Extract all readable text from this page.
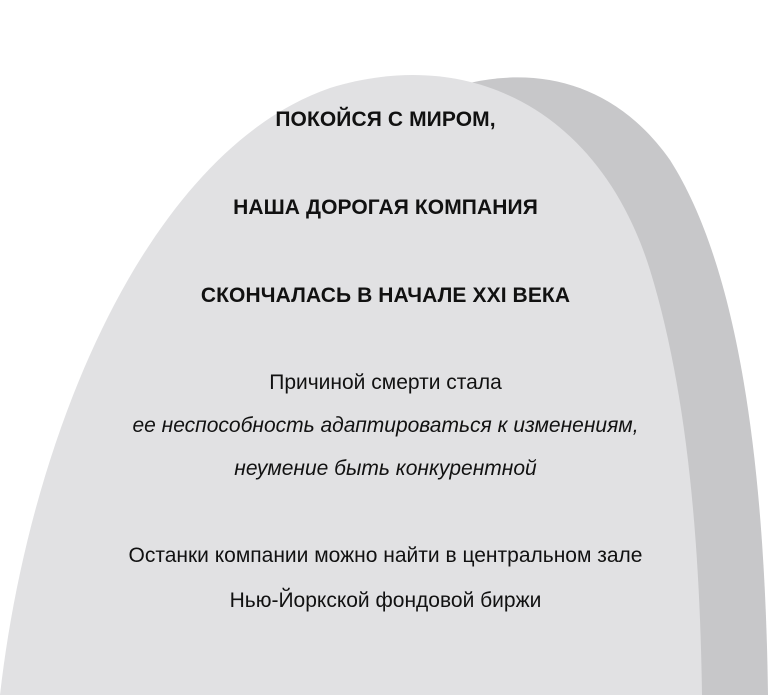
ПОКОЙСЯ С МИРОМ,
НАША ДОРОГАЯ КОМПАНИЯ
СКОНЧАЛАСЬ В НАЧАЛЕ XXI ВЕКА
Причиной смерти стала
ее неспособность адаптироваться к изменениям,
неумение быть конкурентной
Останки компании можно найти в центральном зале
Нью-Йоркской фондовой биржи
